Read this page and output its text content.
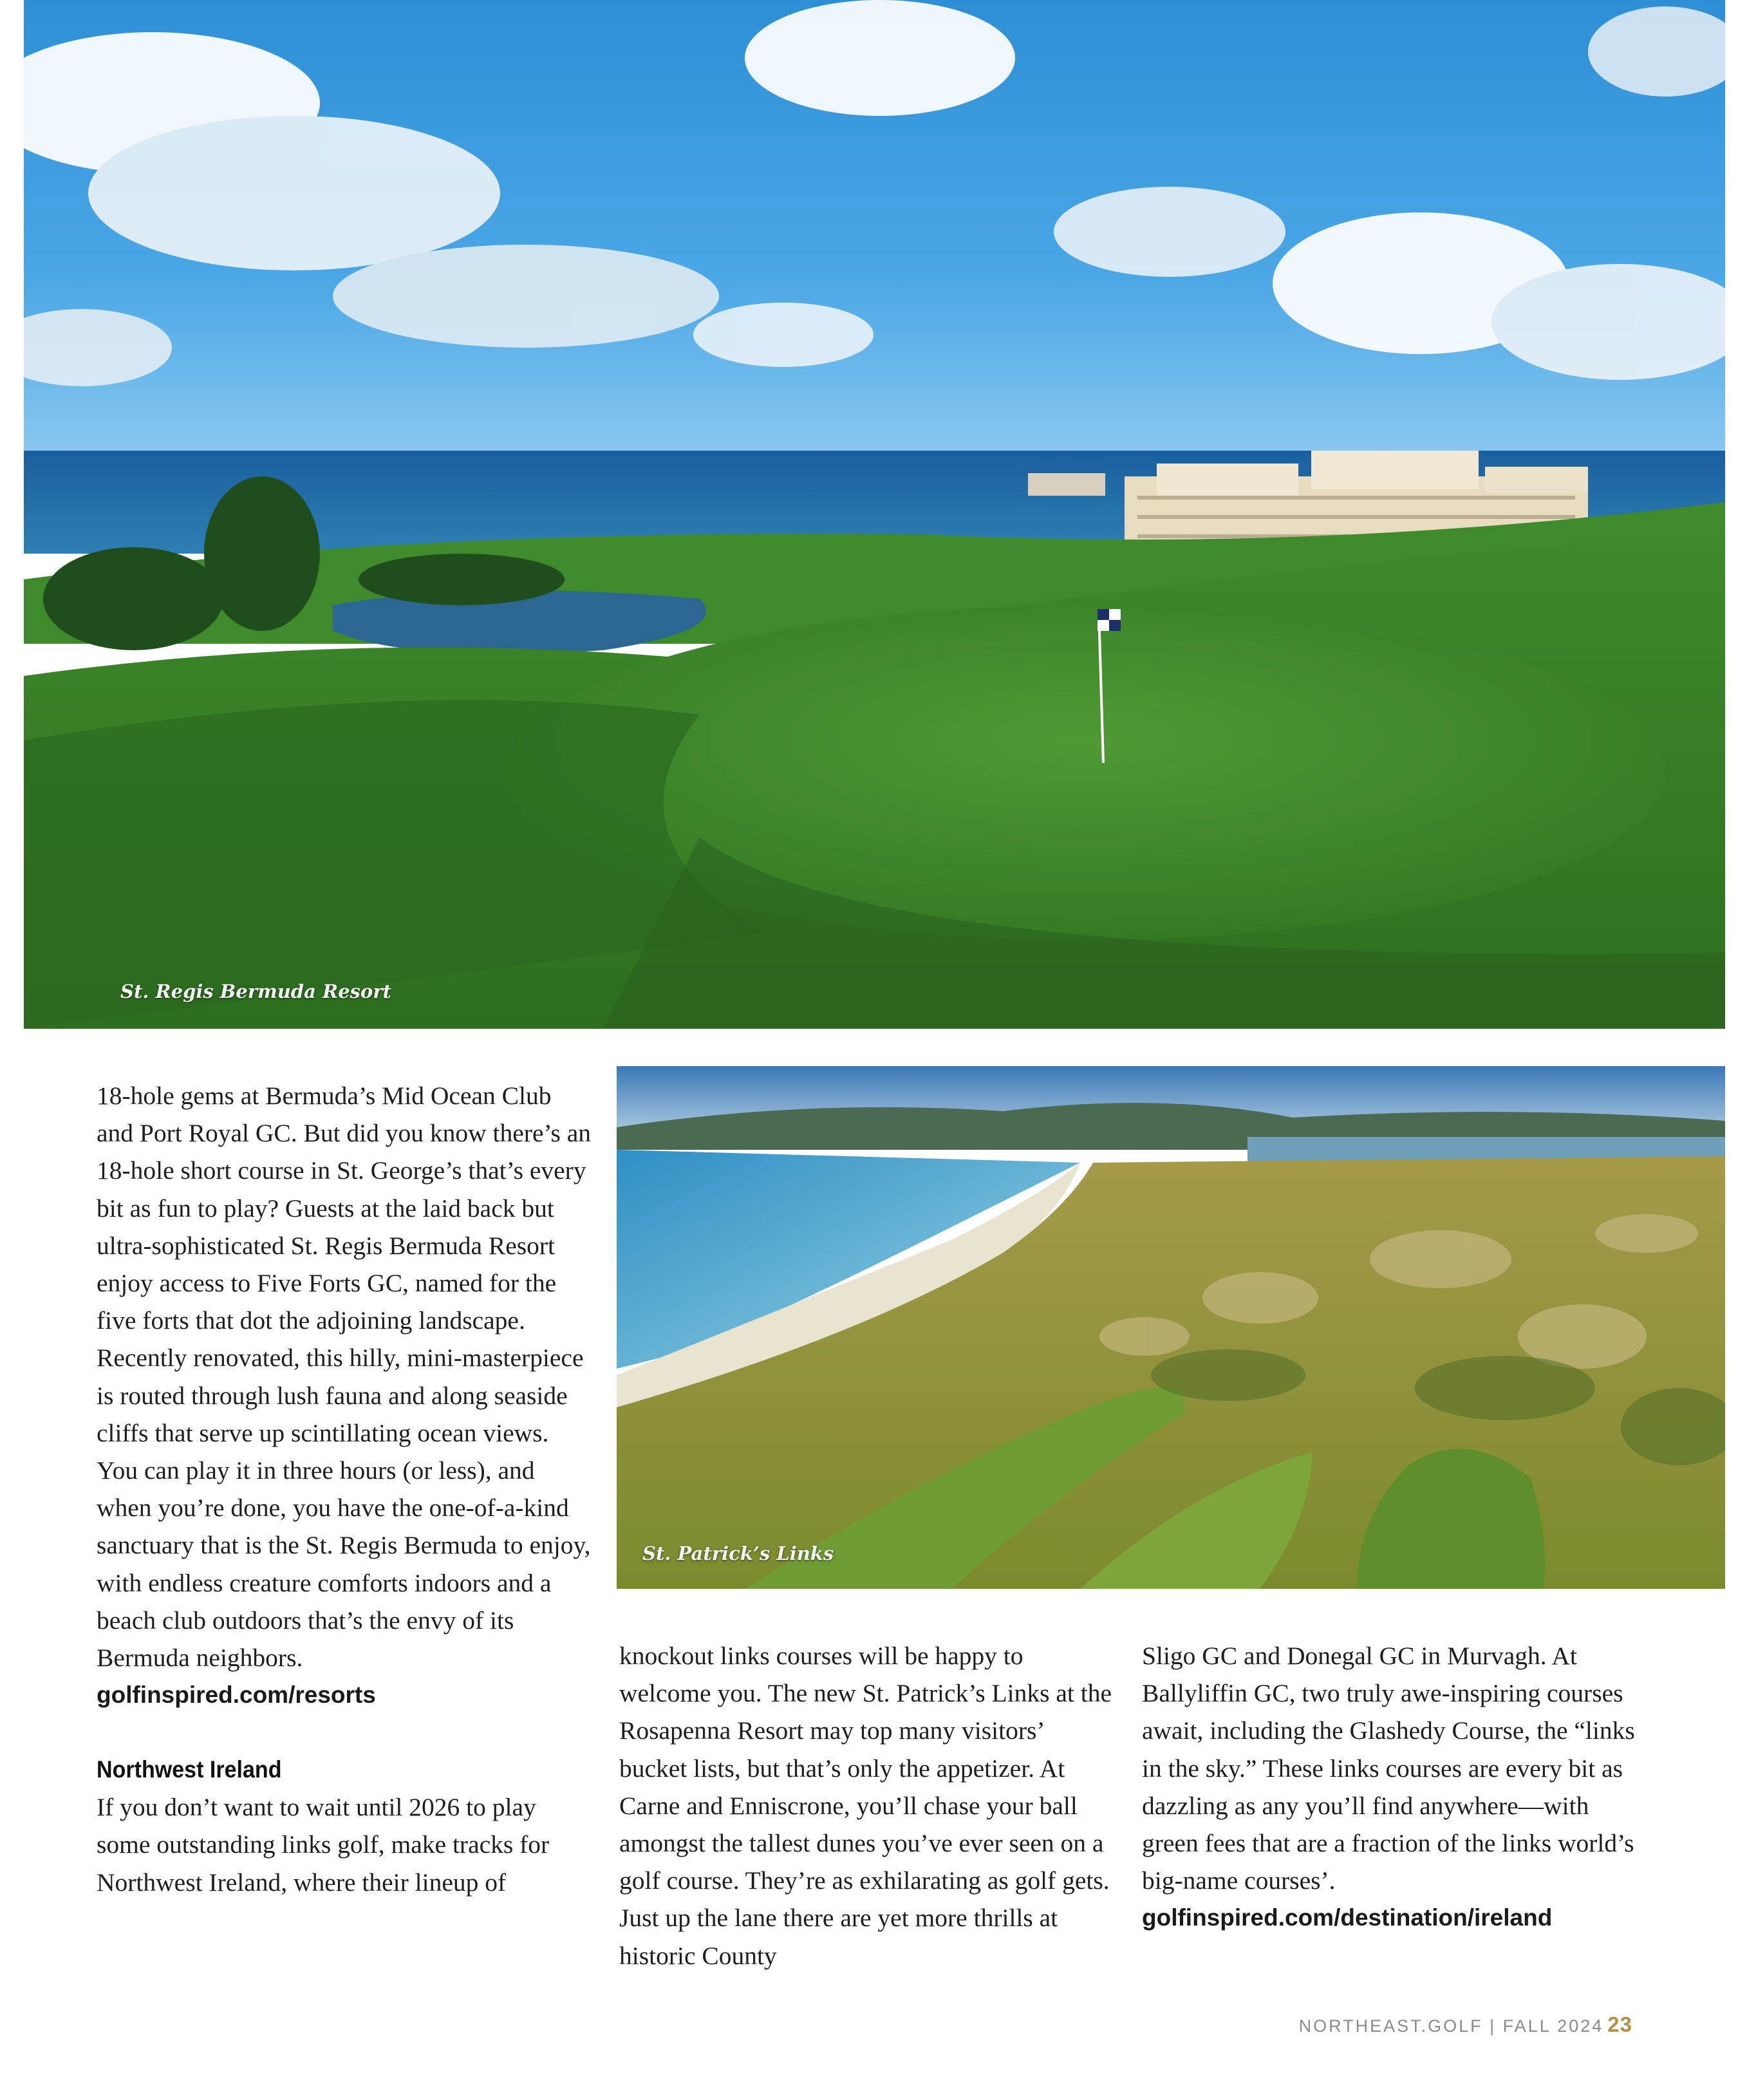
St. Regis Bermuda Resort
St. Patrick’s Links

18-hole gems at Bermuda’s Mid Ocean Club and Port Royal GC. But did you know there’s an 18-hole short course in St. George’s that’s every bit as fun to play? Guests at the laid back but ultra-sophisticated St. Regis Bermuda Resort enjoy access to Five Forts GC, named for the five forts that dot the adjoining landscape. Recently renovated, this hilly, mini-masterpiece is routed through lush fauna and along seaside cliffs that serve up scintillating ocean views. You can play it in three hours (or less), and when you’re done, you have the one-of-a-kind sanctuary that is the St. Regis Bermuda to enjoy, with endless creature comforts indoors and a beach club outdoors that’s the envy of its Bermuda neighbors.

golfinspired.com/resorts
Northwest Ireland

If you don’t want to wait until 2026 to play some outstanding links golf, make tracks for Northwest Ireland, where their lineup of

knockout links courses will be happy to welcome you. The new St. Patrick’s Links at the Rosapenna Resort may top many visitors’ bucket lists, but that’s only the appetizer. At Carne and Enniscrone, you’ll chase your ball amongst the tallest dunes you’ve ever seen on a golf course. They’re as exhilarating as golf gets. Just up the lane there are yet more thrills at historic County

Sligo GC and Donegal GC in Murvagh. At Ballyliffin GC, two truly awe-inspiring courses await, including the Glashedy Course, the “links in the sky.” These links courses are every bit as dazzling as any you’ll find anywhere—with green fees that are a fraction of the links world’s big-name courses’.

golfinspired.com/destination/ireland
NORTHEAST.GOLF | FALL 2024 23
